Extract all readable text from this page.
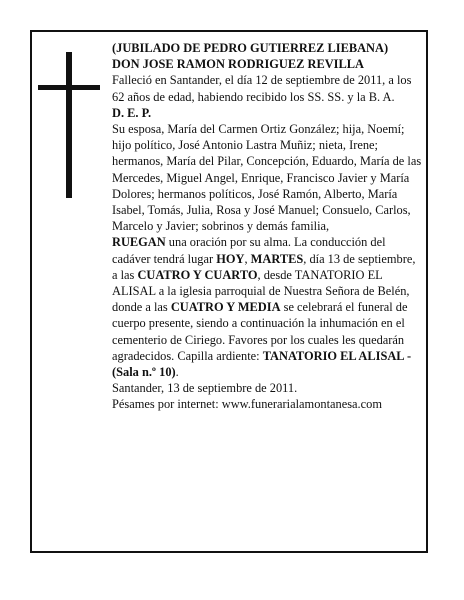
(JUBILADO DE PEDRO GUTIERREZ LIEBANA)

DON JOSE RAMON RODRIGUEZ REVILLA

Falleció en Santander, el día 12 de septiembre de 2011, a los 62 años de edad, habiendo recibido los SS. SS. y la B. A.

D. E. P.

Su esposa, María del Carmen Ortiz González; hija, Noemí; hijo político, José Antonio Lastra Muñiz; nieta, Irene; hermanos, María del Pilar, Concepción, Eduardo, María de las Mercedes, Miguel Angel, Enrique, Francisco Javier y María Dolores; hermanos políticos, José Ramón, Alberto, María Isabel, Tomás, Julia, Rosa y José Manuel; Consuelo, Carlos, Marcelo y Javier; sobrinos y demás familia,

RUEGAN una oración por su alma. La conducción del cadáver tendrá lugar HOY, MARTES, día 13 de septiembre, a las CUATRO Y CUARTO, desde TANATORIO EL ALISAL a la iglesia parroquial de Nuestra Señora de Belén, donde a las CUATRO Y MEDIA se celebrará el funeral de cuerpo presente, siendo a continuación la inhumación en el cementerio de Ciriego. Favores por los cuales les quedarán agradecidos. Capilla ardiente: TANATORIO EL ALISAL - (Sala n.º 10).

Santander, 13 de septiembre de 2011.

Pésames por internet: www.funerarialamontanesa.com
